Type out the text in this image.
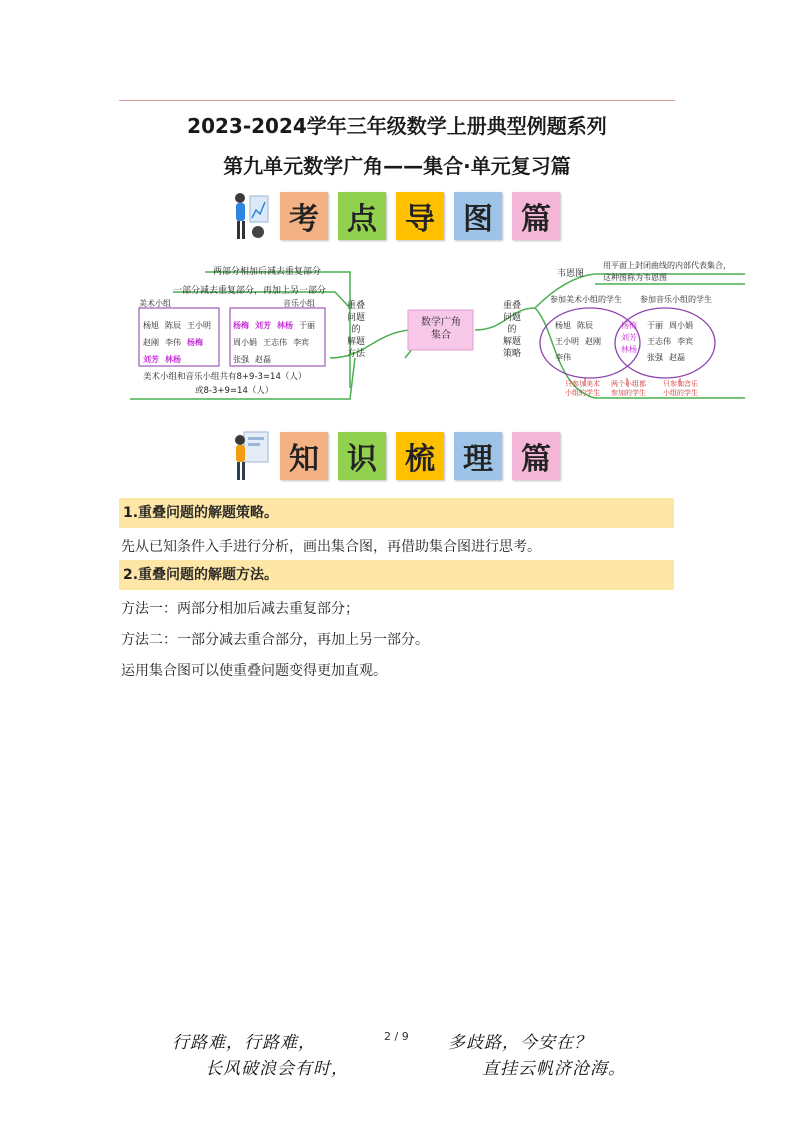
2023-2024学年三年级数学上册典型例题系列
第九单元数学广角——集合·单元复习篇
考 点 导 图 篇
两部分相加后减去重复部分
一部分减去重复部分，再加上另一部分
美术小组	音乐小组
杨旭 陈辰 王小明
赵刚 李伟 杨梅
刘芳 林杨
杨梅 刘芳 林杨 于丽
周小娟 王志伟 李宾
张强 赵磊
美术小组和音乐小组共有8+9-3=14（人）
或8-3+9=14（人）
重叠
问题
的
解题
方法
数学广角
集合
重叠
问题
的
解题
策略
韦恩图
用平面上封闭曲线的内部代表集合，
这种图称为韦恩图
参加美术小组的学生 参加音乐小组的学生
杨旭 陈辰
王小明 赵刚
李伟
杨梅
刘芳
林杨
于丽 周小娟
王志伟 李宾
张强 赵磊
只参加美术
小组的学生
两个小组都
参加的学生
只参加音乐
小组的学生
知 识 梳 理 篇
1.重叠问题的解题策略。
先从已知条件入手进行分析，画出集合图，再借助集合图进行思考。
2.重叠问题的解题方法。
方法一：两部分相加后减去重复部分；
方法二：一部分减去重合部分，再加上另一部分。
运用集合图可以使重叠问题变得更加直观。
2 / 9
行路难，行路难，	多歧路，今安在？
长风破浪会有时，	直挂云帆济沧海。
